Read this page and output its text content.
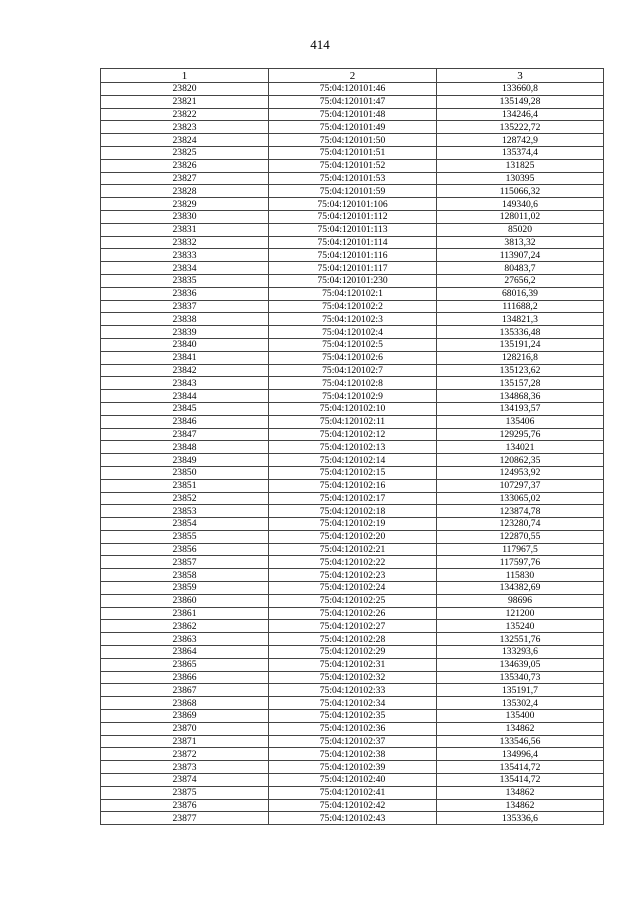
414
1	2	3
23820	75:04:120101:46	133660,8
23821	75:04:120101:47	135149,28
23822	75:04:120101:48	134246,4
23823	75:04:120101:49	135222,72
23824	75:04:120101:50	128742,9
23825	75:04:120101:51	135374,4
23826	75:04:120101:52	131825
23827	75:04:120101:53	130395
23828	75:04:120101:59	115066,32
23829	75:04:120101:106	149340,6
23830	75:04:120101:112	128011,02
23831	75:04:120101:113	85020
23832	75:04:120101:114	3813,32
23833	75:04:120101:116	113907,24
23834	75:04:120101:117	80483,7
23835	75:04:120101:230	27656,2
23836	75:04:120102:1	68016,39
23837	75:04:120102:2	111688,2
23838	75:04:120102:3	134821,3
23839	75:04:120102:4	135336,48
23840	75:04:120102:5	135191,24
23841	75:04:120102:6	128216,8
23842	75:04:120102:7	135123,62
23843	75:04:120102:8	135157,28
23844	75:04:120102:9	134868,36
23845	75:04:120102:10	134193,57
23846	75:04:120102:11	135406
23847	75:04:120102:12	129295,76
23848	75:04:120102:13	134021
23849	75:04:120102:14	120862,35
23850	75:04:120102:15	124953,92
23851	75:04:120102:16	107297,37
23852	75:04:120102:17	133065,02
23853	75:04:120102:18	123874,78
23854	75:04:120102:19	123280,74
23855	75:04:120102:20	122870,55
23856	75:04:120102:21	117967,5
23857	75:04:120102:22	117597,76
23858	75:04:120102:23	115830
23859	75:04:120102:24	134382,69
23860	75:04:120102:25	98696
23861	75:04:120102:26	121200
23862	75:04:120102:27	135240
23863	75:04:120102:28	132551,76
23864	75:04:120102:29	133293,6
23865	75:04:120102:31	134639,05
23866	75:04:120102:32	135340,73
23867	75:04:120102:33	135191,7
23868	75:04:120102:34	135302,4
23869	75:04:120102:35	135400
23870	75:04:120102:36	134862
23871	75:04:120102:37	133546,56
23872	75:04:120102:38	134996,4
23873	75:04:120102:39	135414,72
23874	75:04:120102:40	135414,72
23875	75:04:120102:41	134862
23876	75:04:120102:42	134862
23877	75:04:120102:43	135336,6
